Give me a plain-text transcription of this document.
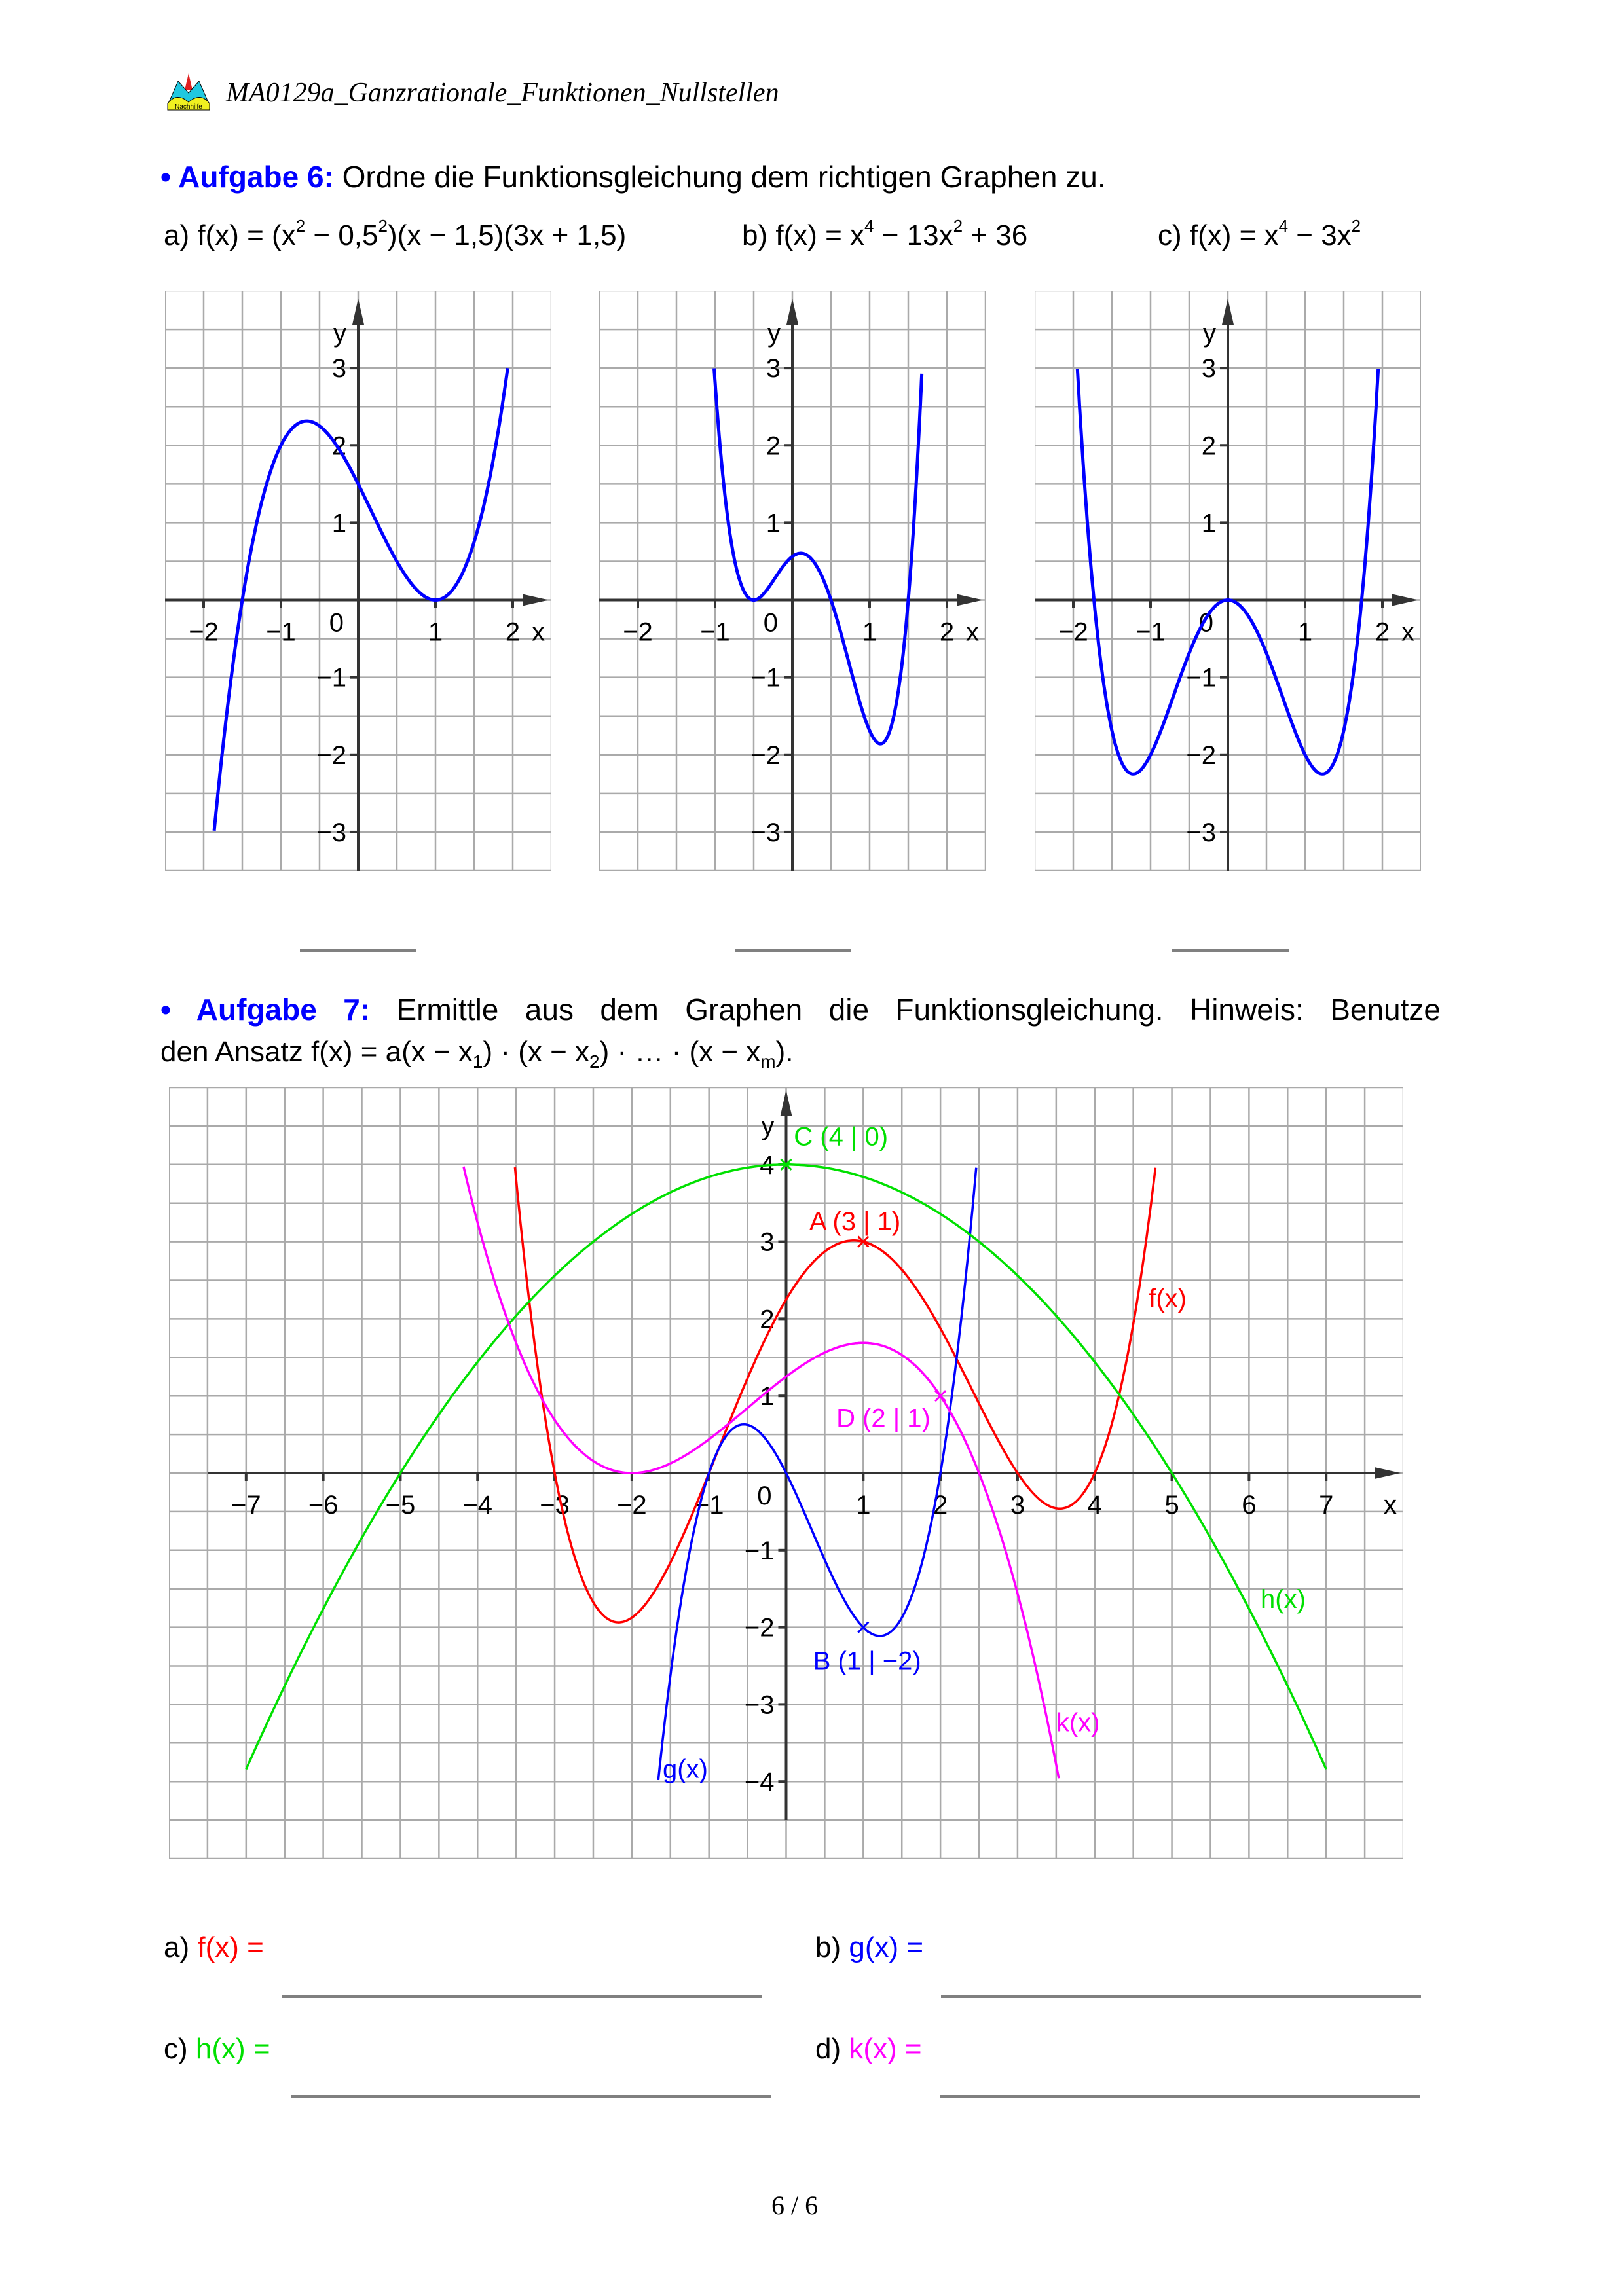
Nachhilfe MA0129a_Ganzrationale_Funktionen_Nullstellen
• Aufgabe 6: Ordne die Funktionsgleichung dem richtigen Graphen zu.
a) $f(x) = (x^2 - 0,5^2)(x - 1,5)(3x + 1,5)$	b) $f(x) = x^4 - 13x^2 + 36$	c) $f(x) = x^4 - 3x^2$
−2 −1	1 2 x
−3
−2
−1
1
2
3
y
0	−2 −1	1 2 x
−3
−2
−1
1
2
3
y
0	−2 −1	1 2 x
−3
−2
−1
1
2
3
y
0
• Aufgabe 7: Ermittle aus dem Graphen die Funktionsgleichung. Hinweis: Benutze
den Ansatz $f(x) = a(x - x_1) \cdot (x - x_2)$ · … · $(x - x_m)$.
−7 −6 −5 −4 −3 −2 −1	1 2 3 4 5 6 7 x
−4
−3
−2
−1
1
2
3
4
y
0
f(x)
g(x)
h(x)
k(x)
A (3 | 1)
B (1 | −2)
C (4 | 0)
D (2 | 1)
a) f(x) =	b) g(x) =
c) h(x) =	d) k(x) =
6 / 6
